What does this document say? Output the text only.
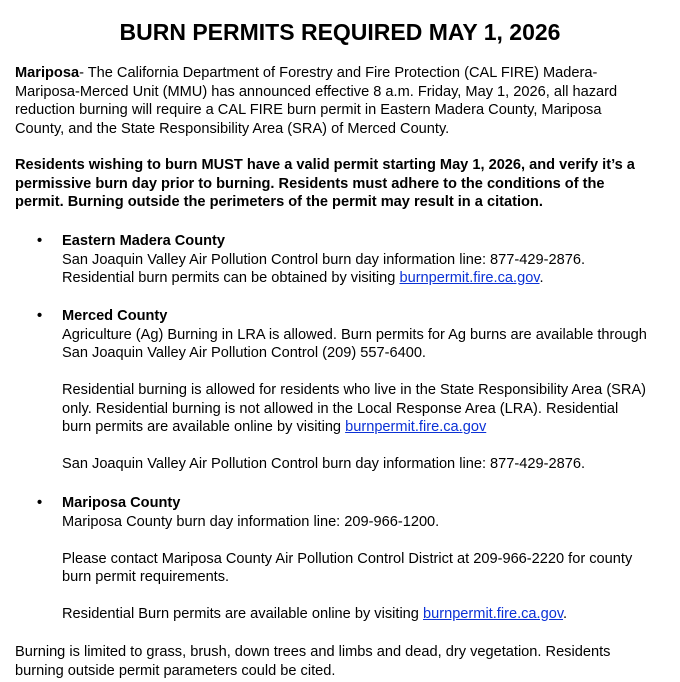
BURN PERMITS REQUIRED MAY 1, 2026
Mariposa- The California Department of Forestry and Fire Protection (CAL FIRE) Madera-
Mariposa-Merced Unit (MMU) has announced effective 8 a.m. Friday, May 1, 2026, all hazard
reduction burning will require a CAL FIRE burn permit in Eastern Madera County, Mariposa
County, and the State Responsibility Area (SRA) of Merced County.
Residents wishing to burn MUST have a valid permit starting May 1, 2026, and verify it’s a
permissive burn day prior to burning. Residents must adhere to the conditions of the
permit. Burning outside the perimeters of the permit may result in a citation.
• Eastern Madera County
San Joaquin Valley Air Pollution Control burn day information line: 877-429-2876.
Residential burn permits can be obtained by visiting burnpermit.fire.ca.gov.
• Merced County
Agriculture (Ag) Burning in LRA is allowed. Burn permits for Ag burns are available through
San Joaquin Valley Air Pollution Control (209) 557-6400.
Residential burning is allowed for residents who live in the State Responsibility Area (SRA)
only. Residential burning is not allowed in the Local Response Area (LRA). Residential
burn permits are available online by visiting burnpermit.fire.ca.gov
San Joaquin Valley Air Pollution Control burn day information line: 877-429-2876.
• Mariposa County
Mariposa County burn day information line: 209-966-1200.
Please contact Mariposa County Air Pollution Control District at 209-966-2220 for county
burn permit requirements.
Residential Burn permits are available online by visiting burnpermit.fire.ca.gov.
Burning is limited to grass, brush, down trees and limbs and dead, dry vegetation. Residents
burning outside permit parameters could be cited.
